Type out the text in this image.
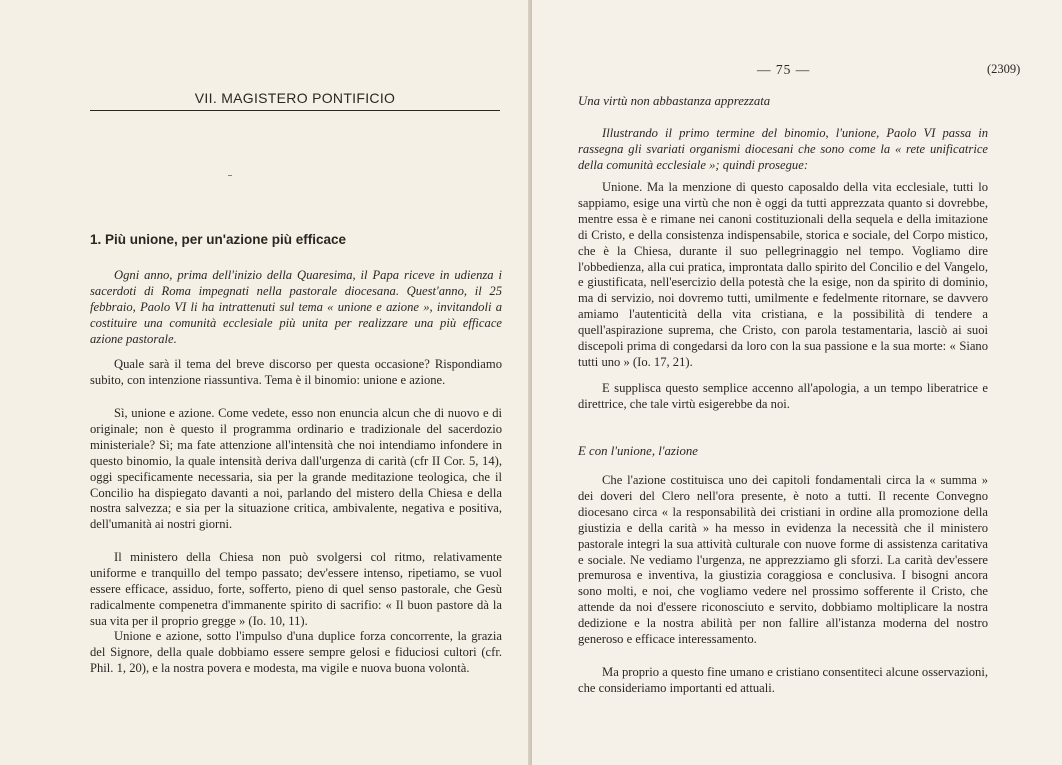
VII. MAGISTERO PONTIFICIO
1. Più unione, per un'azione più efficace

Ogni anno, prima dell'inizio della Quaresima, il Papa riceve in udienza i sacerdoti di Roma impegnati nella pastorale diocesana. Quest'anno, il 25 febbraio, Paolo VI li ha intrattenuti sul tema « unione e azione », invitandoli a costituire una comunità ecclesiale più unita per realizzare una più efficace azione pastorale.

Quale sarà il tema del breve discorso per questa occasione? Rispondiamo subito, con intenzione riassuntiva. Tema è il binomio: unione e azione.

Sì, unione e azione. Come vedete, esso non enuncia alcun che di nuovo e di originale; non è questo il programma ordinario e tradizionale del sacerdozio ministeriale? Sì; ma fate attenzione all'intensità che noi intendiamo infondere in questo binomio, la quale intensità deriva dall'urgenza di carità (cfr II Cor. 5, 14), oggi specificamente necessaria, sia per la grande meditazione teologica, che il Concilio ha dispiegato davanti a noi, parlando del mistero della Chiesa e della nostra salvezza; e sia per la situazione critica, ambivalente, negativa e positiva, dell'umanità ai nostri giorni.

Il ministero della Chiesa non può svolgersi col ritmo, relativamente uniforme e tranquillo del tempo passato; dev'essere intenso, ripetiamo, se vuol essere efficace, assiduo, forte, sofferto, pieno di quel senso pastorale, che Gesù radicalmente compenetra d'immanente spirito di sacrifio: « Il buon pastore dà la sua vita per il proprio gregge » (Io. 10, 11).

Unione e azione, sotto l'impulso d'una duplice forza concorrente, la grazia del Signore, della quale dobbiamo essere sempre gelosi e fiduciosi cultori (cfr. Phil. 1, 20), e la nostra povera e modesta, ma vigile e nuova buona volontà.

— 75 —	(2309)
Una virtù non abbastanza apprezzata

Illustrando il primo termine del binomio, l'unione, Paolo VI passa in rassegna gli svariati organismi diocesani che sono come la « rete unificatrice della comunità ecclesiale »; quindi prosegue:

Unione. Ma la menzione di questo caposaldo della vita ecclesiale, tutti lo sappiamo, esige una virtù che non è oggi da tutti apprezzata quanto si dovrebbe, mentre essa è e rimane nei canoni costituzionali della sequela e della imitazione di Cristo, e della consistenza indispensabile, storica e sociale, del Corpo mistico, che è la Chiesa, durante il suo pellegrinaggio nel tempo. Vogliamo dire l'obbedienza, alla cui pratica, improntata dallo spirito del Concilio e del Vangelo, e giustificata, nell'esercizio della potestà che la esige, non da spirito di dominio, ma di servizio, noi dovremo tutti, umilmente e fedelmente ritornare, se davvero amiamo l'autenticità della vita cristiana, e la possibilità di tendere a quell'aspirazione suprema, che Cristo, con parola testamentaria, lasciò ai suoi discepoli prima di congedarsi da loro con la sua passione e la sua morte: « Siano tutti uno » (Io. 17, 21).

E supplisca questo semplice accenno all'apologia, a un tempo liberatrice e direttrice, che tale virtù esigerebbe da noi.

E con l'unione, l'azione

Che l'azione costituisca uno dei capitoli fondamentali circa la « summa » dei doveri del Clero nell'ora presente, è noto a tutti. Il recente Convegno diocesano circa « la responsabilità dei cristiani in ordine alla promozione della giustizia e della carità » ha messo in evidenza la necessità che il ministero pastorale integri la sua attività culturale con nuove forme di assistenza caritativa e sociale. Ne vediamo l'urgenza, ne apprezziamo gli sforzi. La carità dev'essere premurosa e inventiva, la giustizia coraggiosa e conclusiva. I bisogni ancora sono molti, e noi, che vogliamo vedere nel prossimo sofferente il Cristo, che attende da noi d'essere riconosciuto e servito, dobbiamo moltiplicare la nostra dedizione e la nostra abilità per non fallire all'istanza moderna del nostro generoso e efficace interessamento.

Ma proprio a questo fine umano e cristiano consentiteci alcune osservazioni, che consideriamo importanti ed attuali.
